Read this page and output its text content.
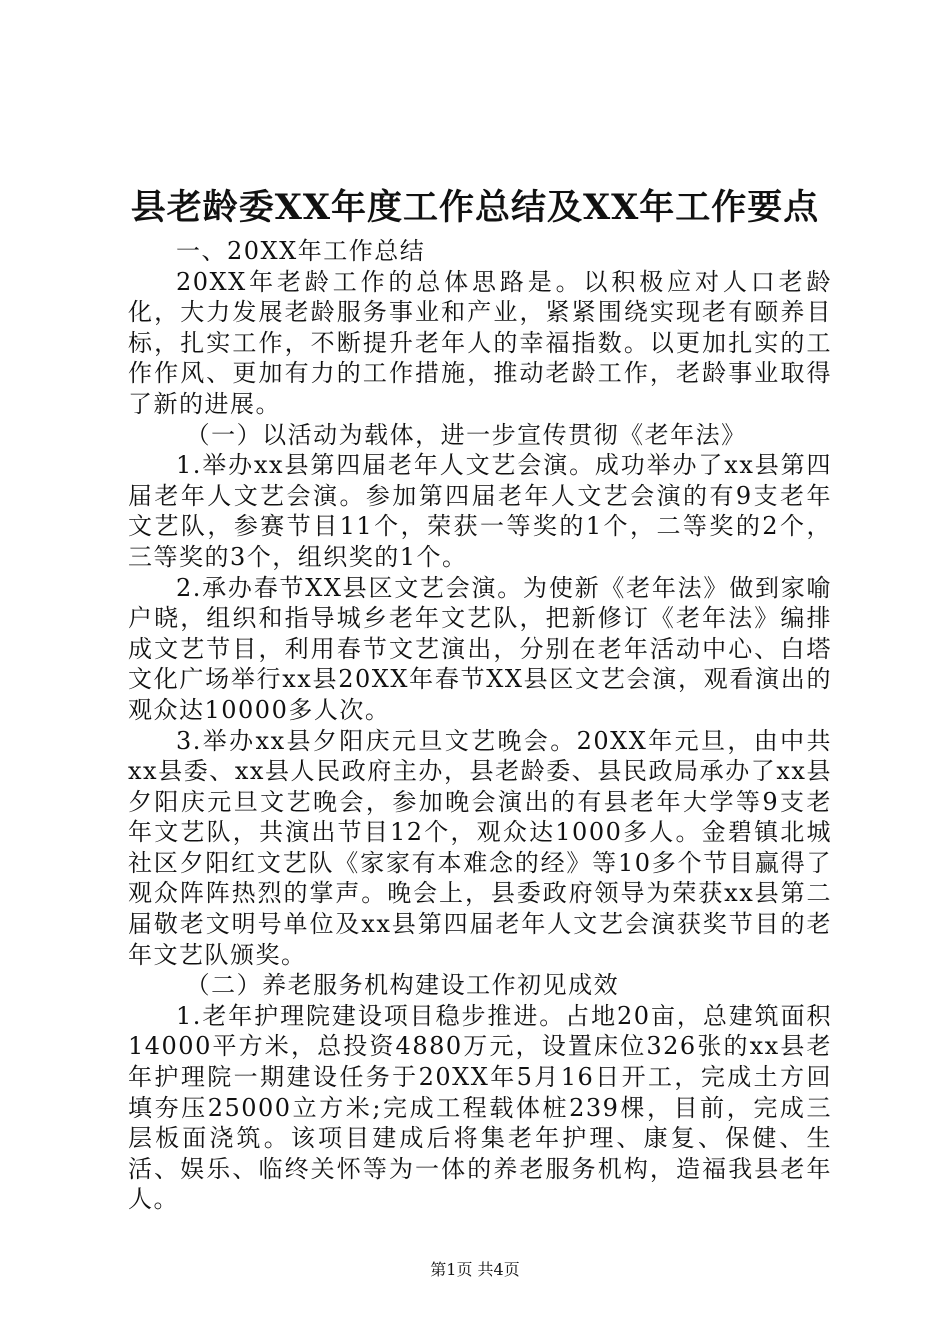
县老龄委XX年度工作总结及XX年工作要点

一、20XX年工作总结

20XX年老龄工作的总体思路是。以积极应对人口老龄化，大力发展老龄服务事业和产业，紧紧围绕实现老有颐养目标，扎实工作，不断提升老年人的幸福指数。以更加扎实的工作作风、更加有力的工作措施，推动老龄工作，老龄事业取得了新的进展。

（一）以活动为载体，进一步宣传贯彻《老年法》

1.举办xx县第四届老年人文艺会演。成功举办了xx县第四届老年人文艺会演。参加第四届老年人文艺会演的有9支老年文艺队，参赛节目11个，荣获一等奖的1个，二等奖的2个，三等奖的3个，组织奖的1个。

2.承办春节XX县区文艺会演。为使新《老年法》做到家喻户晓，组织和指导城乡老年文艺队，把新修订《老年法》编排成文艺节目，利用春节文艺演出，分别在老年活动中心、白塔文化广场举行xx县20XX年春节XX县区文艺会演，观看演出的观众达10000多人次。

3.举办xx县夕阳庆元旦文艺晚会。20XX年元旦，由中共xx县委、xx县人民政府主办，县老龄委、县民政局承办了xx县夕阳庆元旦文艺晚会，参加晚会演出的有县老年大学等9支老年文艺队，共演出节目12个，观众达1000多人。金碧镇北城社区夕阳红文艺队《家家有本难念的经》等10多个节目赢得了观众阵阵热烈的掌声。晚会上，县委政府领导为荣获xx县第二届敬老文明号单位及xx县第四届老年人文艺会演获奖节目的老年文艺队颁奖。

（二）养老服务机构建设工作初见成效

1.老年护理院建设项目稳步推进。占地20亩，总建筑面积14000平方米，总投资4880万元，设置床位326张的xx县老年护理院一期建设任务于20XX年5月16日开工，完成土方回填夯压25000立方米;完成工程载体桩239棵，目前，完成三层板面浇筑。该项目建成后将集老年护理、康复、保健、生活、娱乐、临终关怀等为一体的养老服务机构，造福我县老年人。

第1页 共4页
